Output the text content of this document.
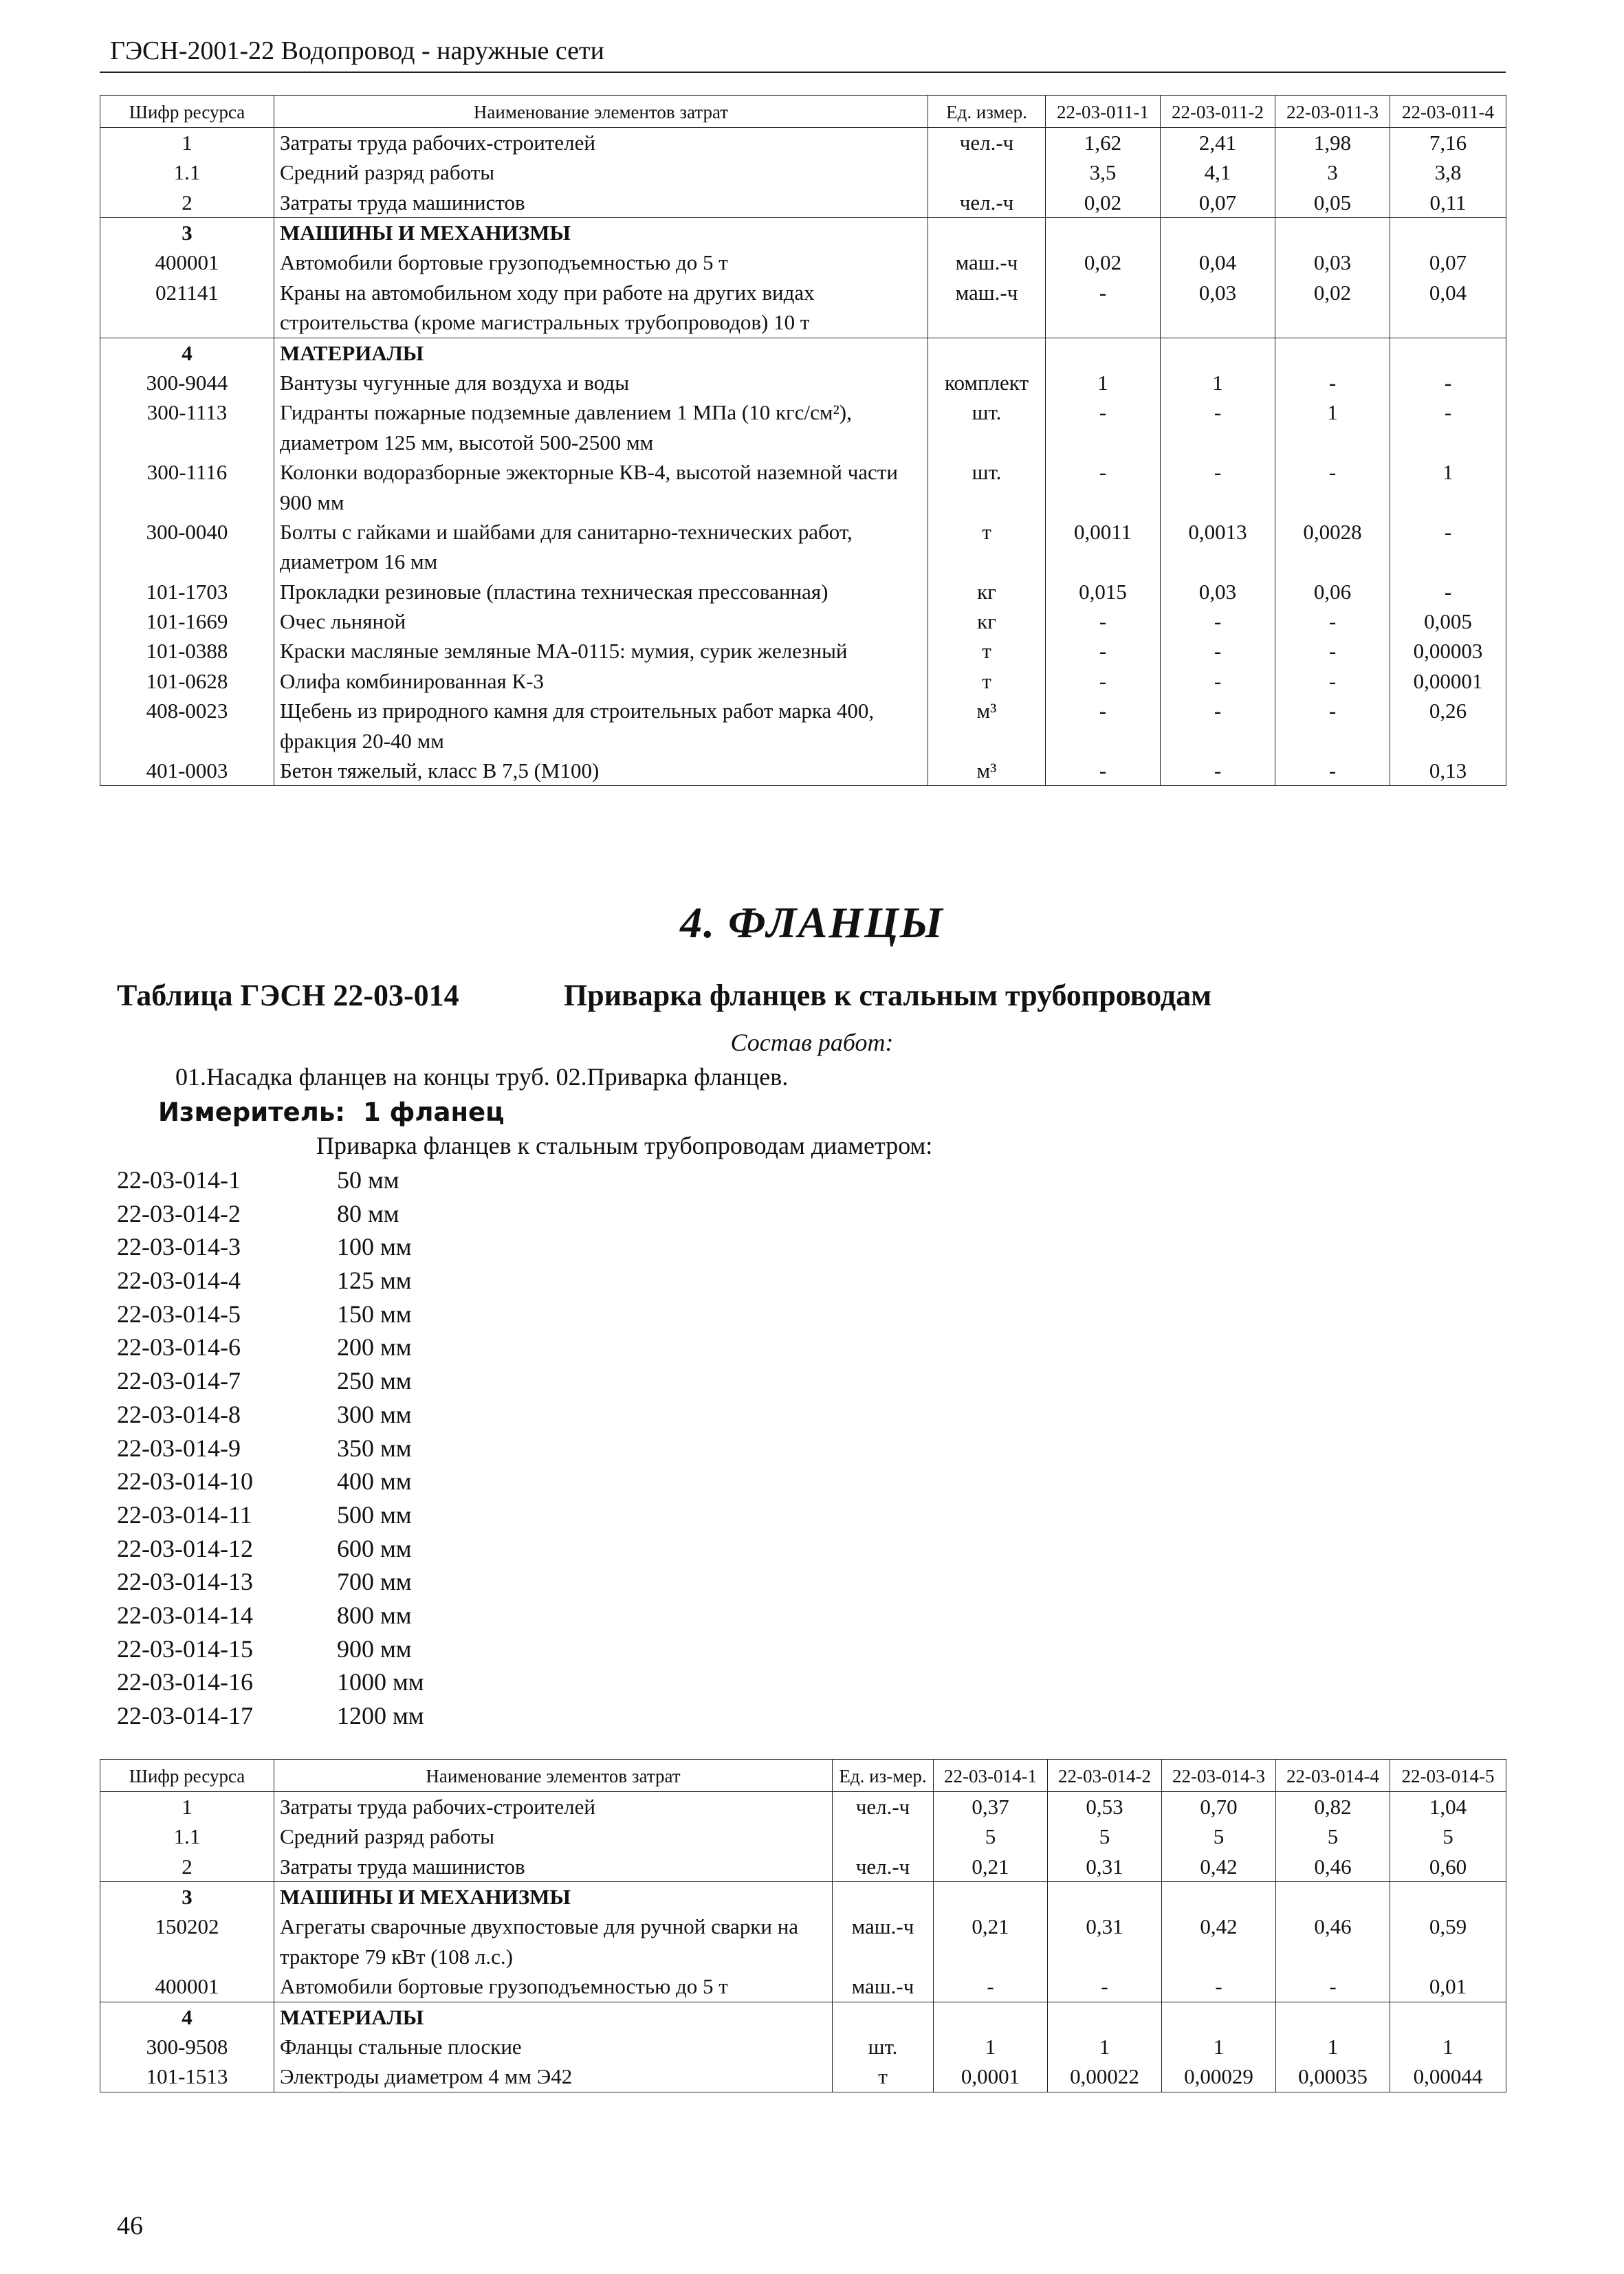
ГЭСН-2001-22 Водопровод - наружные сети
Шифр ресурса	Наименование элементов затрат	Ед. измер.	22-03-011-1	22-03-011-2	22-03-011-3	22-03-011-4
1	Затраты труда рабочих-строителей	чел.-ч	1,62	2,41	1,98	7,16
1.1	Средний разряд работы		3,5	4,1	3	3,8
2	Затраты труда машинистов	чел.-ч	0,02	0,07	0,05	0,11
3	МАШИНЫ И МЕХАНИЗМЫ					
400001	Автомобили бортовые грузоподъемностью до 5 т	маш.-ч	0,02	0,04	0,03	0,07
021141	Краны на автомобильном ходу при работе на других видах строительства (кроме магистральных трубопроводов) 10 т	маш.-ч	-	0,03	0,02	0,04
4	МАТЕРИАЛЫ					
300-9044	Вантузы чугунные для воздуха и воды	комплект	1	1	-	-
300-1113	Гидранты пожарные подземные давлением 1 МПа (10 кгс/см²), диаметром 125 мм, высотой 500-2500 мм	шт.	-	-	1	-
300-1116	Колонки водоразборные эжекторные КВ-4, высотой наземной части 900 мм	шт.	-	-	-	1
300-0040	Болты с гайками и шайбами для санитарно-технических работ, диаметром 16 мм	т	0,0011	0,0013	0,0028	-
101-1703	Прокладки резиновые (пластина техническая прессованная)	кг	0,015	0,03	0,06	-
101-1669	Очес льняной	кг	-	-	-	0,005
101-0388	Краски масляные земляные МА-0115: мумия, сурик железный	т	-	-	-	0,00003
101-0628	Олифа комбинированная К-3	т	-	-	-	0,00001
408-0023	Щебень из природного камня для строительных работ марка 400, фракция 20-40 мм	м³	-	-	-	0,26
401-0003	Бетон тяжелый, класс В 7,5 (М100)	м³	-	-	-	0,13
4. ФЛАНЦЫ
Таблица ГЭСН 22-03-014	Приварка фланцев к стальным трубопроводам
Состав работ:
01.Насадка фланцев на концы труб. 02.Приварка фланцев.
Измеритель: 1 фланец
Приварка фланцев к стальным трубопроводам диаметром:
22-03-014-1	50 мм
22-03-014-2	80 мм
22-03-014-3	100 мм
22-03-014-4	125 мм
22-03-014-5	150 мм
22-03-014-6	200 мм
22-03-014-7	250 мм
22-03-014-8	300 мм
22-03-014-9	350 мм
22-03-014-10	400 мм
22-03-014-11	500 мм
22-03-014-12	600 мм
22-03-014-13	700 мм
22-03-014-14	800 мм
22-03-014-15	900 мм
22-03-014-16	1000 мм
22-03-014-17	1200 мм
Шифр ресурса	Наименование элементов затрат	Ед. из-мер.	22-03-014-1	22-03-014-2	22-03-014-3	22-03-014-4	22-03-014-5
1	Затраты труда рабочих-строителей	чел.-ч	0,37	0,53	0,70	0,82	1,04
1.1	Средний разряд работы		5	5	5	5	5
2	Затраты труда машинистов	чел.-ч	0,21	0,31	0,42	0,46	0,60
3	МАШИНЫ И МЕХАНИЗМЫ						
150202	Агрегаты сварочные двухпостовые для ручной сварки на тракторе 79 кВт (108 л.с.)	маш.-ч	0,21	0,31	0,42	0,46	0,59
400001	Автомобили бортовые грузоподъемностью до 5 т	маш.-ч	-	-	-	-	0,01
4	МАТЕРИАЛЫ						
300-9508	Фланцы стальные плоские	шт.	1	1	1	1	1
101-1513	Электроды диаметром 4 мм Э42	т	0,0001	0,00022	0,00029	0,00035	0,00044
46
